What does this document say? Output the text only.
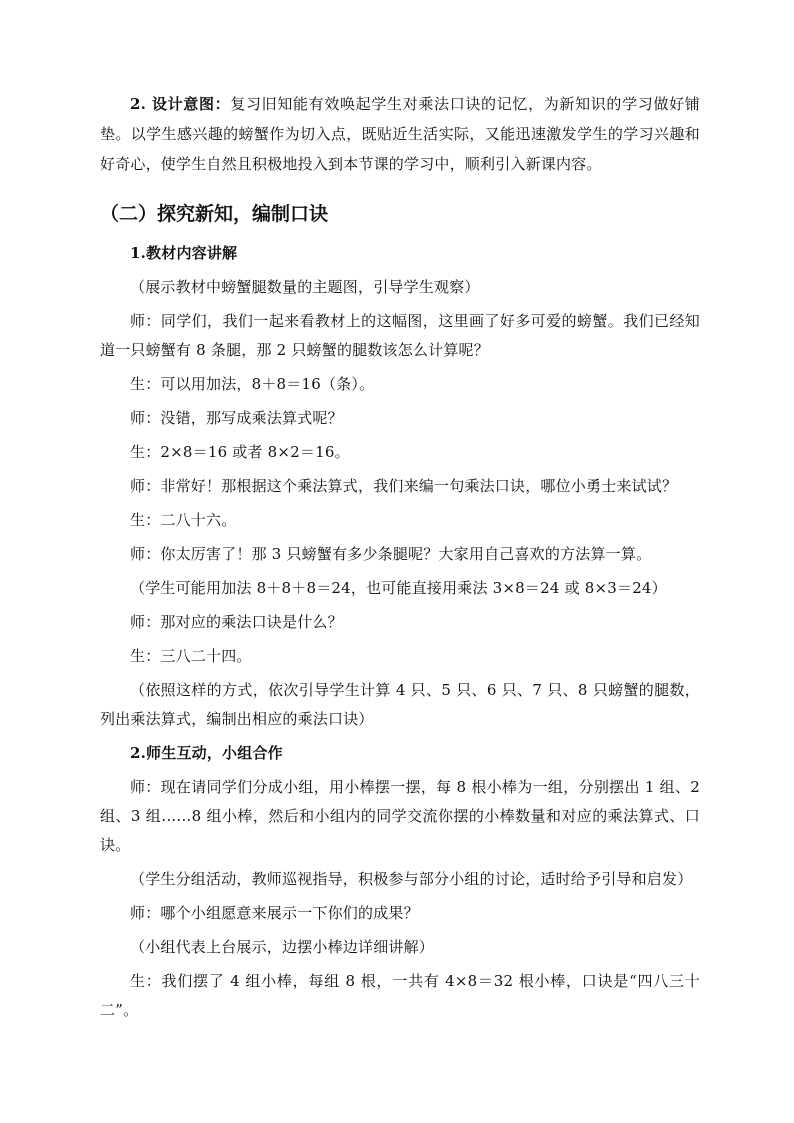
2. 设计意图：复习旧知能有效唤起学生对乘法口诀的记忆，为新知识的学习做好铺垫。以学生感兴趣的螃蟹作为切入点，既贴近生活实际，又能迅速激发学生的学习兴趣和好奇心，使学生自然且积极地投入到本节课的学习中，顺利引入新课内容。

（二）探究新知，编制口诀

1.教材内容讲解

（展示教材中螃蟹腿数量的主题图，引导学生观察）

师：同学们，我们一起来看教材上的这幅图，这里画了好多可爱的螃蟹。我们已经知道一只螃蟹有 8 条腿，那 2 只螃蟹的腿数该怎么计算呢？

生：可以用加法，8＋8＝16（条）。

师：没错，那写成乘法算式呢？

生：2×8＝16 或者 8×2＝16。

师：非常好！那根据这个乘法算式，我们来编一句乘法口诀，哪位小勇士来试试？

生：二八十六。

师：你太厉害了！那 3 只螃蟹有多少条腿呢？大家用自己喜欢的方法算一算。

（学生可能用加法 8＋8＋8＝24，也可能直接用乘法 3×8＝24 或 8×3＝24）

师：那对应的乘法口诀是什么？

生：三八二十四。

（依照这样的方式，依次引导学生计算 4 只、5 只、6 只、7 只、8 只螃蟹的腿数，列出乘法算式，编制出相应的乘法口诀）

2.师生互动，小组合作

师：现在请同学们分成小组，用小棒摆一摆，每 8 根小棒为一组，分别摆出 1 组、2 组、3 组……8 组小棒，然后和小组内的同学交流你摆的小棒数量和对应的乘法算式、口诀。

（学生分组活动，教师巡视指导，积极参与部分小组的讨论，适时给予引导和启发）

师：哪个小组愿意来展示一下你们的成果？

（小组代表上台展示，边摆小棒边详细讲解）

生：我们摆了 4 组小棒，每组 8 根，一共有 4×8＝32 根小棒，口诀是“四八三十二”。
